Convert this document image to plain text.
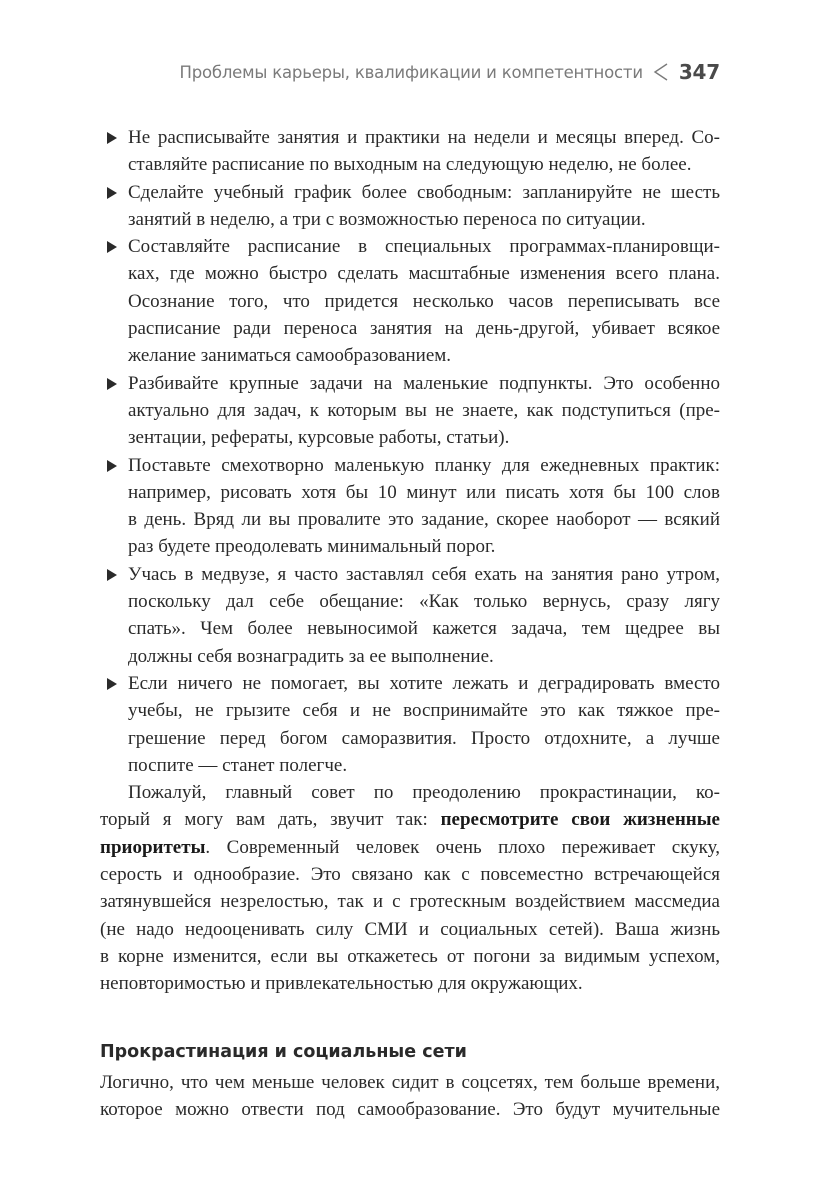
Проблемы карьеры, квалификации и компетентности 347
Не расписывайте занятия и практики на недели и месяцы вперед. Со-
ставляйте расписание по выходным на следующую неделю, не более.
Сделайте учебный график более свободным: запланируйте не шесть
занятий в неделю, а три с возможностью переноса по ситуации.
Составляйте расписание в специальных программах-планировщи-
ках, где можно быстро сделать масштабные изменения всего плана.
Осознание того, что придется несколько часов переписывать все
расписание ради переноса занятия на день-другой, убивает всякое
желание заниматься самообразованием.
Разбивайте крупные задачи на маленькие подпункты. Это особенно
актуально для задач, к которым вы не знаете, как подступиться (пре-
зентации, рефераты, курсовые работы, статьи).
Поставьте смехотворно маленькую планку для ежедневных практик:
например, рисовать хотя бы 10 минут или писать хотя бы 100 слов
в день. Вряд ли вы провалите это задание, скорее наоборот — всякий
раз будете преодолевать минимальный порог.
Учась в медвузе, я часто заставлял себя ехать на занятия рано утром,
поскольку дал себе обещание: «Как только вернусь, сразу лягу
спать». Чем более невыносимой кажется задача, тем щедрее вы
должны себя вознаградить за ее выполнение.
Если ничего не помогает, вы хотите лежать и деградировать вместо
учебы, не грызите себя и не воспринимайте это как тяжкое пре-
грешение перед богом саморазвития. Просто отдохните, а лучше
поспите — станет полегче.
Пожалуй, главный совет по преодолению прокрастинации, ко-
торый я могу вам дать, звучит так: пересмотрите свои жизненные
приоритеты. Современный человек очень плохо переживает скуку,
серость и однообразие. Это связано как с повсеместно встречающейся
затянувшейся незрелостью, так и с гротескным воздействием массмедиа
(не надо недооценивать силу СМИ и социальных сетей). Ваша жизнь
в корне изменится, если вы откажетесь от погони за видимым успехом,
неповторимостью и привлекательностью для окружающих.
Прокрастинация и социальные сети
Логично, что чем меньше человек сидит в соцсетях, тем больше времени,
которое можно отвести под самообразование. Это будут мучительные
